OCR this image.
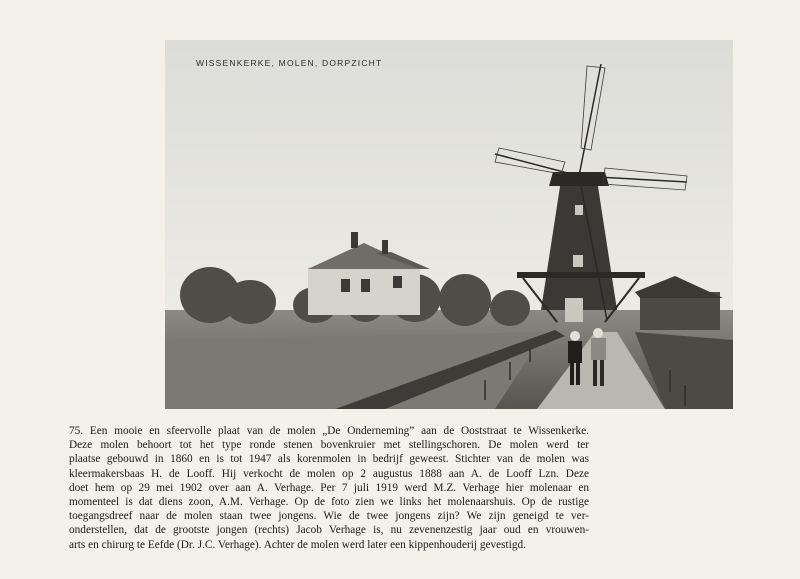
WISSENKERKE, MOLEN, DORPZICHT

75. Een mooie en sfeervolle plaat van de molen „De Onderneming” aan de Ooststraat te Wissenkerke.
Deze molen behoort tot het type ronde stenen bovenkruier met stellingschoren. De molen werd ter
plaatse gebouwd in 1860 en is tot 1947 als korenmolen in bedrijf geweest. Stichter van de molen was
kleermakersbaas H. de Looff. Hij verkocht de molen op 2 augustus 1888 aan A. de Looff Lzn. Deze
doet hem op 29 mei 1902 over aan A. Verhage. Per 7 juli 1919 werd M.Z. Verhage hier molenaar en
momenteel is dat diens zoon, A.M. Verhage. Op de foto zien we links het molenaarshuis. Op de rustige
toegangsdreef naar de molen staan twee jongens. Wie de twee jongens zijn? We zijn geneigd te ver-
onderstellen, dat de grootste jongen (rechts) Jacob Verhage is, nu zevenenzestig jaar oud en vrouwen-
arts en chirurg te Eefde (Dr. J.C. Verhage). Achter de molen werd later een kippenhouderij gevestigd.
